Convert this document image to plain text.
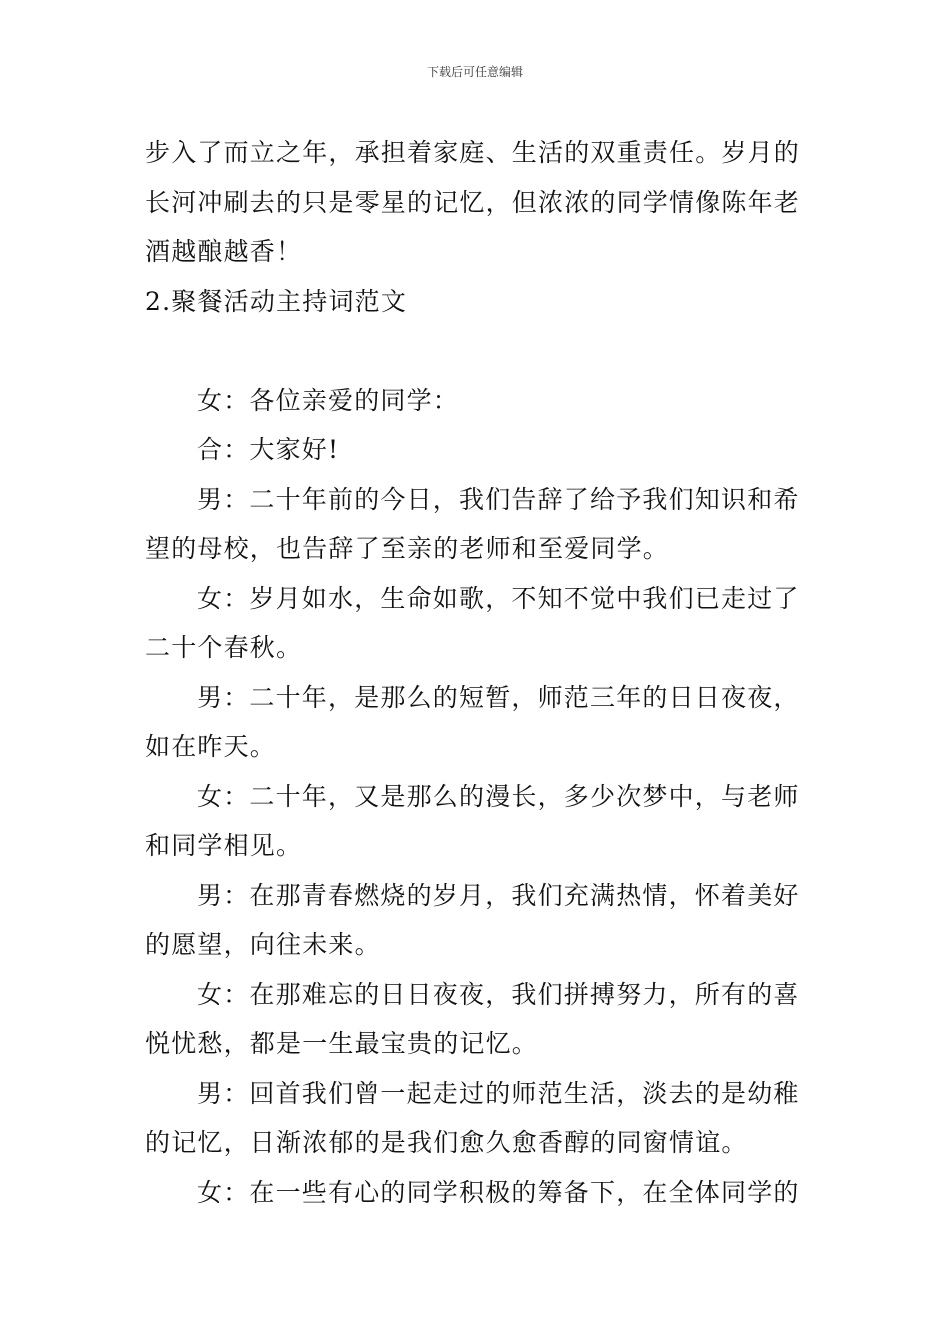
下载后可任意编辑

步入了而立之年，承担着家庭、生活的双重责任。岁月的长河冲刷去的只是零星的记忆，但浓浓的同学情像陈年老酒越酿越香！

2.聚餐活动主持词范文

女：各位亲爱的同学：

合：大家好!

男：二十年前的今日，我们告辞了给予我们知识和希望的母校，也告辞了至亲的老师和至爱同学。

女：岁月如水，生命如歌，不知不觉中我们已走过了二十个春秋。

男：二十年，是那么的短暂，师范三年的日日夜夜，如在昨天。

女：二十年，又是那么的漫长，多少次梦中，与老师和同学相见。

男：在那青春燃烧的岁月，我们充满热情，怀着美好的愿望，向往未来。

女：在那难忘的日日夜夜，我们拼搏努力，所有的喜悦忧愁，都是一生最宝贵的记忆。

男：回首我们曾一起走过的师范生活，淡去的是幼稚的记忆，日渐浓郁的是我们愈久愈香醇的同窗情谊。

女：在一些有心的同学积极的筹备下，在全体同学的
